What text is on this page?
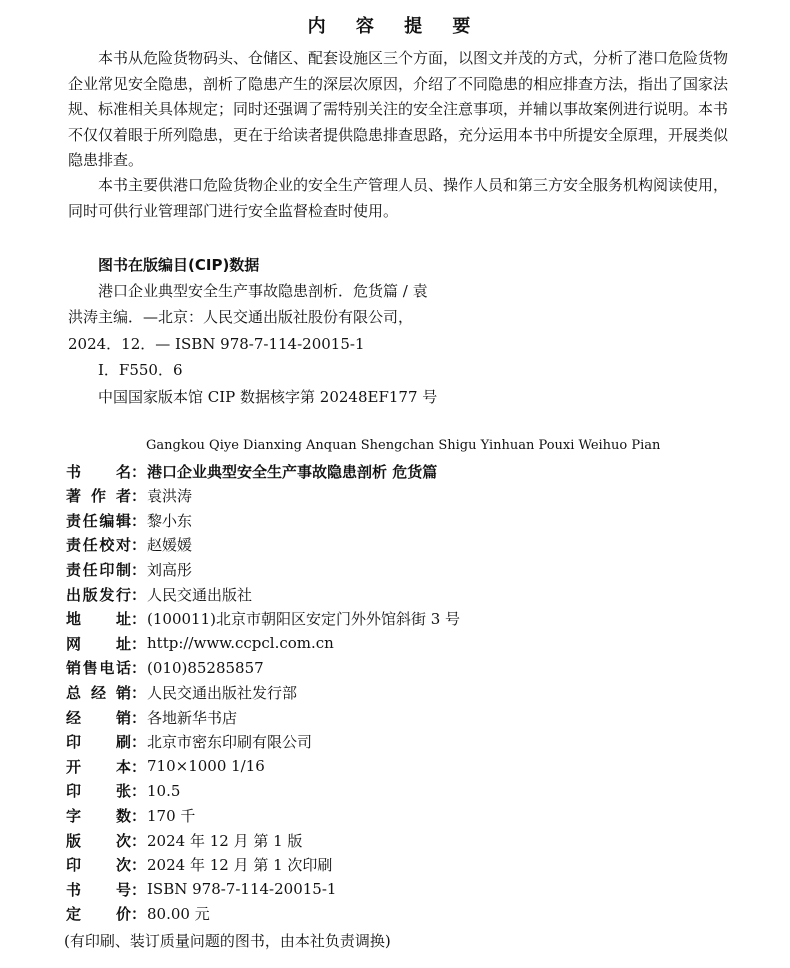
内 容 提 要

本书从危险货物码头、仓储区、配套设施区三个方面，以图文并茂的方式，分析了港口危险货物企业常见安全隐患，剖析了隐患产生的深层次原因，介绍了不同隐患的相应排查方法，指出了国家法规、标准相关具体规定；同时还强调了需特别关注的安全注意事项，并辅以事故案例进行说明。本书不仅仅着眼于所列隐患，更在于给读者提供隐患排查思路，充分运用本书中所提安全原理，开展类似隐患排查。

本书主要供港口危险货物企业的安全生产管理人员、操作人员和第三方安全服务机构阅读使用，同时可供行业管理部门进行安全监督检查时使用。

图书在版编目(CIP)数据
港口企业典型安全生产事故隐患剖析．危货篇 / 袁
洪涛主编．—北京：人民交通出版社股份有限公司，
2024．12．— ISBN 978-7-114-20015-1
Ⅰ．F550．6
中国国家版本馆 CIP 数据核字第 20248EF177 号
Gangkou Qiye Dianxing Anquan Shengchan Shigu Yinhuan Pouxi Weihuo Pian
书 名： 港口企业典型安全生产事故隐患剖析 危货篇
著 作 者： 袁洪涛
责 任 编 辑： 黎小东
责 任 校 对： 赵媛媛
责 任 印 制： 刘高彤
出 版 发 行： 人民交通出版社
地 址： (100011)北京市朝阳区安定门外外馆斜街 3 号
网 址： http://www.ccpcl.com.cn
销 售 电 话： (010)85285857
总 经 销： 人民交通出版社发行部
经 销： 各地新华书店
印 刷： 北京市密东印刷有限公司
开 本： 710×1000 1/16
印 张： 10.5
字 数： 170 千
版 次： 2024 年 12 月 第 1 版
印 次： 2024 年 12 月 第 1 次印刷
书 号： ISBN 978-7-114-20015-1
定 价： 80.00 元
(有印刷、装订质量问题的图书，由本社负责调换)
